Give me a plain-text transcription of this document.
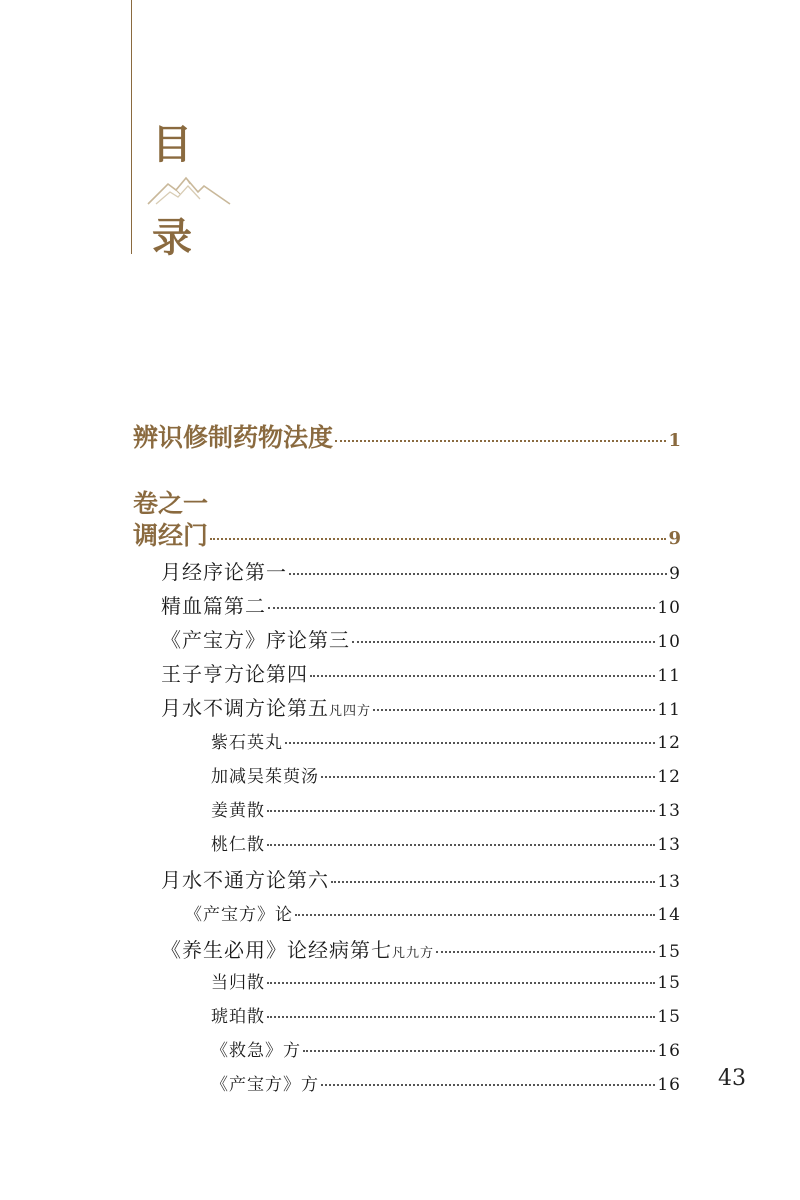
目
录
辨识修制药物法度	1
卷之一
调经门	9
月经序论第一	9
精血篇第二	10
《产宝方》序论第三	10
王子亨方论第四	11
月水不调方论第五凡四方	11
紫石英丸	12
加减吴茱萸汤	12
姜黄散	13
桃仁散	13
月水不通方论第六	13
《产宝方》论	14
《养生必用》论经病第七凡九方	15
当归散	15
琥珀散	15
《救急》方	16
《产宝方》方	16 43
